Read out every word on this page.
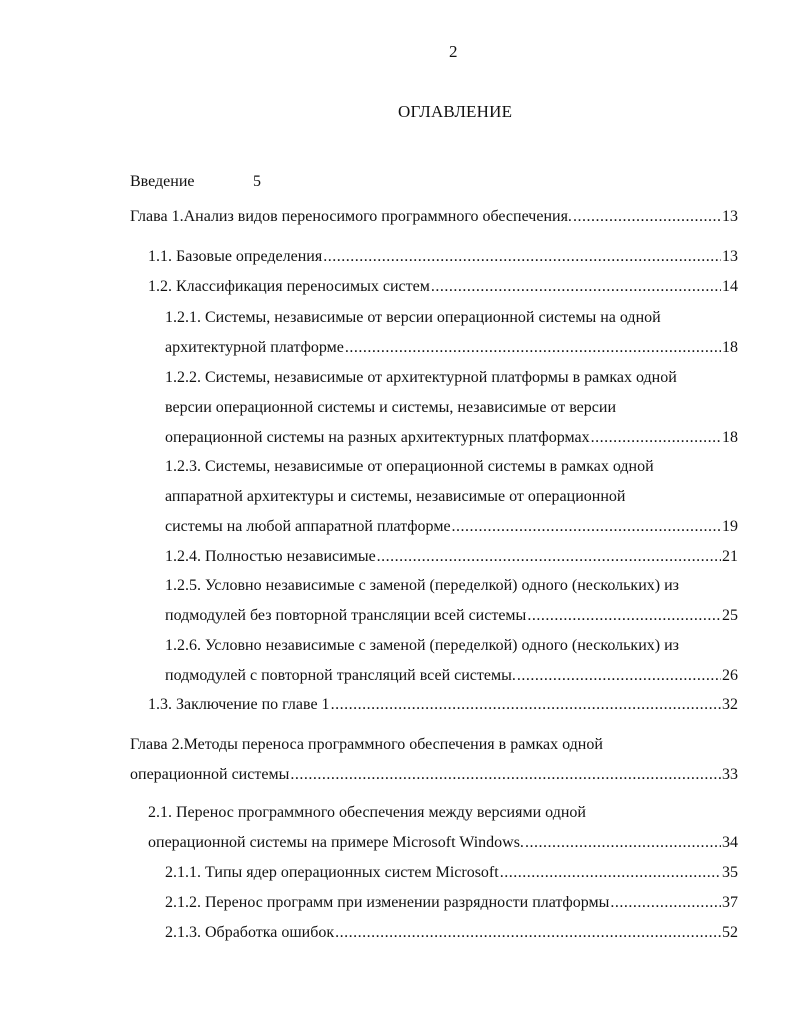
2
ОГЛАВЛЕНИЕ
Введение	5
Глава 1.Анализ видов переносимого программного обеспечения. .....	13
1.1. Базовые определения .....	13
1.2. Классификация переносимых систем .....	14
1.2.1. Системы, независимые от версии операционной системы на одной
архитектурной платформе .....	18
1.2.2. Системы, независимые от архитектурной платформы в рамках одной
версии операционной системы и системы, независимые от версии
операционной системы на разных архитектурных платформах .....	18
1.2.3. Системы, независимые от операционной системы в рамках одной
аппаратной архитектуры и системы, независимые от операционной
системы на любой аппаратной платформе .....	19
1.2.4. Полностью независимые .....	21
1.2.5. Условно независимые с заменой (переделкой) одного (нескольких) из
подмодулей без повторной трансляции всей системы .....	25
1.2.6. Условно независимые с заменой (переделкой) одного (нескольких) из
подмодулей с повторной трансляций всей системы. .....	26
1.3. Заключение по главе 1 .....	32
Глава 2.Методы переноса программного обеспечения в рамках одной
операционной системы .....	33
2.1. Перенос программного обеспечения между версиями одной
операционной системы на примере Microsoft Windows. .....	34
2.1.1. Типы ядер операционных систем Microsoft .....	35
2.1.2. Перенос программ при изменении разрядности платформы .....	37
2.1.3. Обработка ошибок .....	52
